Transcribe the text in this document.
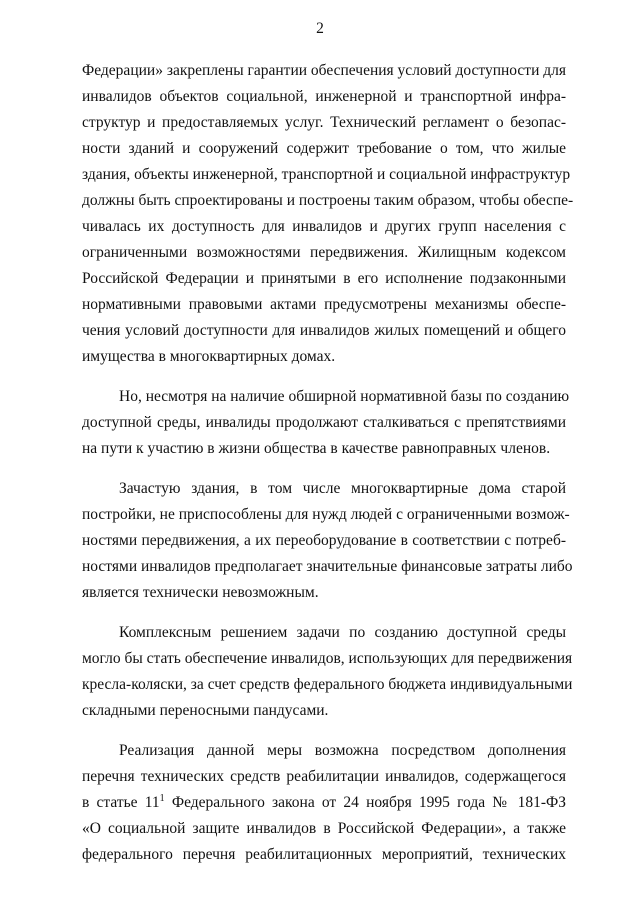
2

Федерации» закреплены гарантии обеспечения условий доступности для
инвалидов объектов социальной, инженерной и транспортной инфра-
структур и предоставляемых услуг. Технический регламент о безопас-
ности зданий и сооружений содержит требование о том, что жилые
здания, объекты инженерной, транспортной и социальной инфраструктур
должны быть спроектированы и построены таким образом, чтобы обеспе-
чивалась их доступность для инвалидов и других групп населения с
ограниченными возможностями передвижения. Жилищным кодексом
Российской Федерации и принятыми в его исполнение подзаконными
нормативными правовыми актами предусмотрены механизмы обеспе-
чения условий доступности для инвалидов жилых помещений и общего
имущества в многоквартирных домах.

Но, несмотря на наличие обширной нормативной базы по созданию
доступной среды, инвалиды продолжают сталкиваться с препятствиями
на пути к участию в жизни общества в качестве равноправных членов.

Зачастую здания, в том числе многоквартирные дома старой
постройки, не приспособлены для нужд людей с ограниченными возмож-
ностями передвижения, а их переоборудование в соответствии с потреб-
ностями инвалидов предполагает значительные финансовые затраты либо
является технически невозможным.

Комплексным решением задачи по созданию доступной среды
могло бы стать обеспечение инвалидов, использующих для передвижения
кресла-коляски, за счет средств федерального бюджета индивидуальными
складными переносными пандусами.

Реализация данной меры возможна посредством дополнения
перечня технических средств реабилитации инвалидов, содержащегося
в статье $11^1$ Федерального закона от 24 ноября 1995 года № 181-ФЗ
«О социальной защите инвалидов в Российской Федерации», а также
федерального перечня реабилитационных мероприятий, технических
